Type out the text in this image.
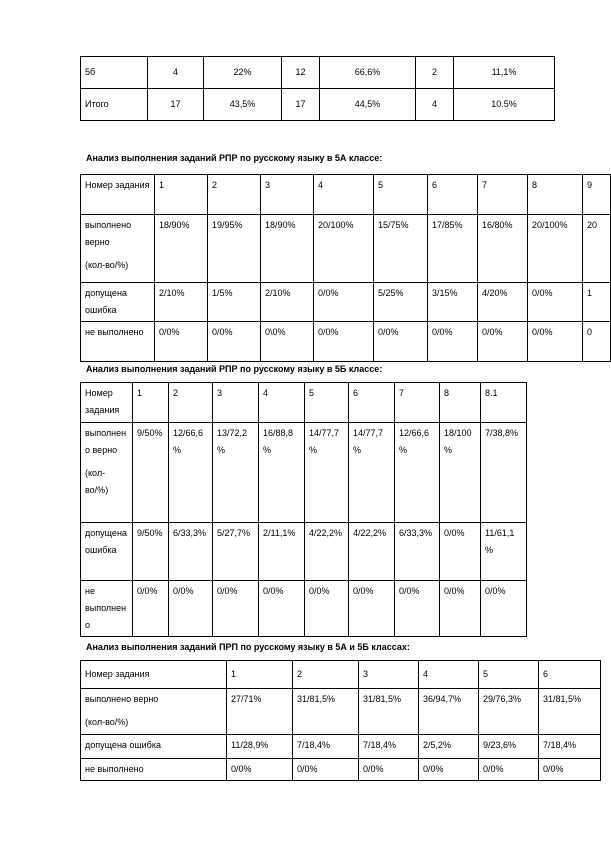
5б	4	22%	12	66,6%	2	11,1%
Итого	17	43,5%	17	44,5%	4	10.5%

Анализ выполнения заданий РПР по русскому языку в 5А классе:

Номер задания	1	2	3	4	5	6	7	8	9
выполнено верно
(кол-во/%)	18/90%	19/95%	18/90%	20/100%	15/75%	17/85%	16/80%	20/100%	20
допущена ошибка	2/10%	1/5%	2/10%	0/0%	5/25%	3/15%	4/20%	0/0%	1
не выполнено	0/0%	0/0%	0\0%	0/0%	0/0%	0/0%	0/0%	0/0%	0

Анализ выполнения заданий РПР по русскому языку в 5Б классе:

Номер задания	1	2	3	4	5	6	7	8	8.1
выполнено верно
(кол-во/%)	9/50%	12/66,6%	13/72,2%	16/88,8%	14/77,7%	14/77,7%	12/66,6%	18/100%	7/38,8%
допущена ошибка	9/50%	6/33,3%	5/27,7%	2/11,1%	4/22,2%	4/22,2%	6/33,3%	0/0%	11/61,1%
не выполнено	0/0%	0/0%	0/0%	0/0%	0/0%	0/0%	0/0%	0/0%	0/0%

Анализ выполнения заданий ПРП по русскому языку в 5А и 5Б классах:

Номер задания	1	2	3	4	5	6
выполнено верно
(кол-во/%)	27/71%	31/81,5%	31/81,5%	36/94,7%	29/76,3%	31/81,5%
допущена ошибка	11/28,9%	7/18,4%	7/18,4%	2/5,2%	9/23,6%	7/18,4%
не выполнено	0/0%	0/0%	0/0%	0/0%	0/0%	0/0%
